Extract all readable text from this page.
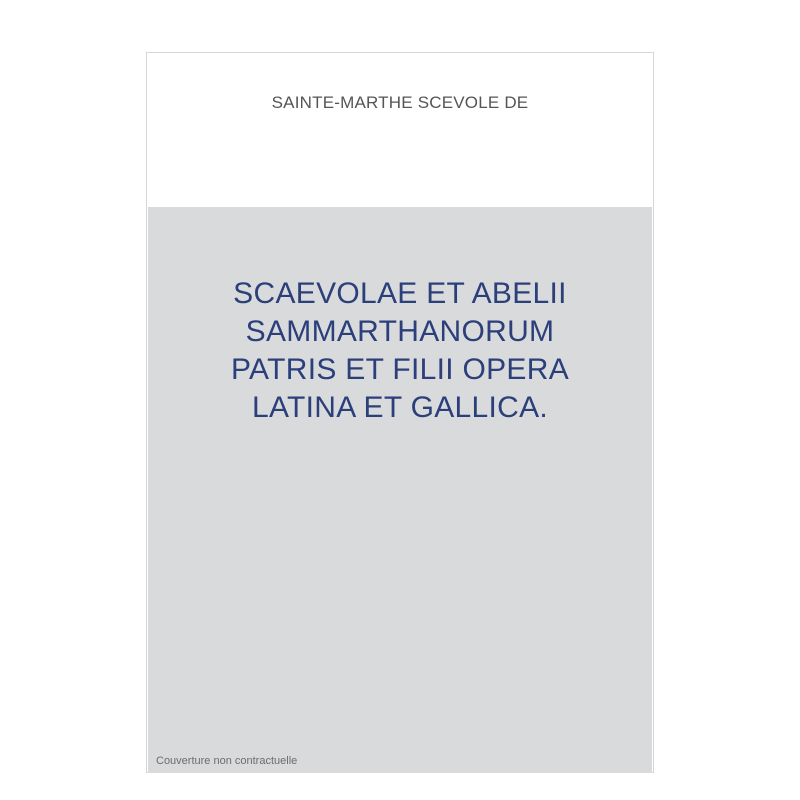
SAINTE-MARTHE SCEVOLE DE
SCAEVOLAE ET ABELII
SAMMARTHANORUM
PATRIS ET FILII OPERA
LATINA ET GALLICA.
Couverture non contractuelle
